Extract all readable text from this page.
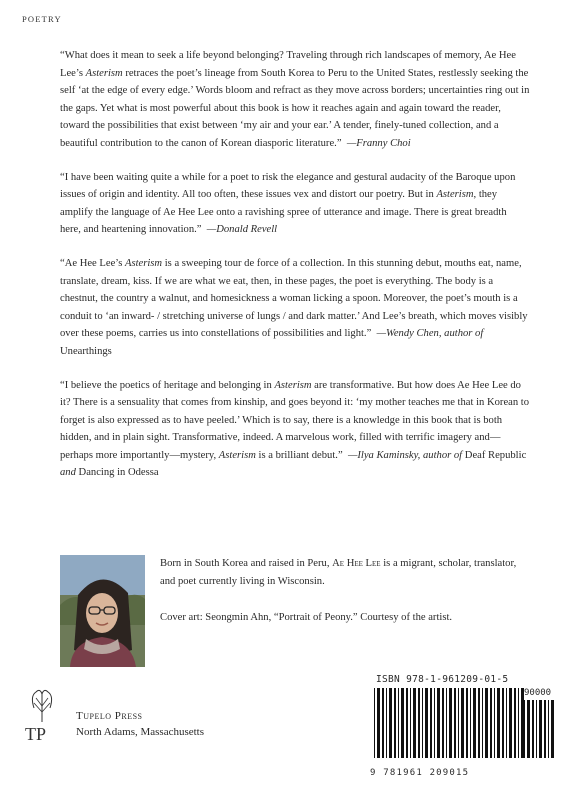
POETRY

“What does it mean to seek a life beyond belonging? Traveling through rich landscapes of memory, Ae Hee Lee’s Asterism retraces the poet’s lineage from South Korea to Peru to the United States, restlessly seeking the self ‘at the edge of every edge.’ Words bloom and refract as they move across borders; uncertainties ring out in the gaps. Yet what is most powerful about this book is how it reaches again and again toward the reader, toward the possibilities that exist between ‘my air and your ear.’ A tender, finely-tuned collection, and a beautiful contribution to the canon of Korean diasporic literature.” —Franny Choi

“I have been waiting quite a while for a poet to risk the elegance and gestural audacity of the Baroque upon issues of origin and identity. All too often, these issues vex and distort our poetry. But in Asterism, they amplify the language of Ae Hee Lee onto a ravishing spree of utterance and image. There is great breadth here, and heartening innovation.” —Donald Revell

“Ae Hee Lee’s Asterism is a sweeping tour de force of a collection. In this stunning debut, mouths eat, name, translate, dream, kiss. If we are what we eat, then, in these pages, the poet is everything. The body is a chestnut, the country a walnut, and homesickness a woman licking a spoon. Moreover, the poet’s mouth is a conduit to ‘an inward- / stretching universe of lungs / and dark matter.’ And Lee’s breath, which moves visibly over these poems, carries us into constellations of possibilities and light.” —Wendy Chen, author of Unearthings

“I believe the poetics of heritage and belonging in Asterism are transformative. But how does Ae Hee Lee do it? There is a sensuality that comes from kinship, and goes beyond it: ‘my mother teaches me that in Korean to forget is also expressed as to have peeled.’ Which is to say, there is a knowledge in this book that is both hidden, and in plain sight. Transformative, indeed. A marvelous work, filled with terrific imagery and—perhaps more importantly—mystery, Asterism is a brilliant debut.” —Ilya Kaminsky, author of Deaf Republic and Dancing in Odessa

Born in South Korea and raised in Peru, Ae Hee Lee is a migrant, scholar, translator, and poet currently living in Wisconsin.
Cover art: Seongmin Ahn, “Portrait of Peony.” Courtesy of the artist.
TP
Tupelo Press
North Adams, Massachusetts
ISBN 978-1-961209-01-5
90000
9 781961 209015
